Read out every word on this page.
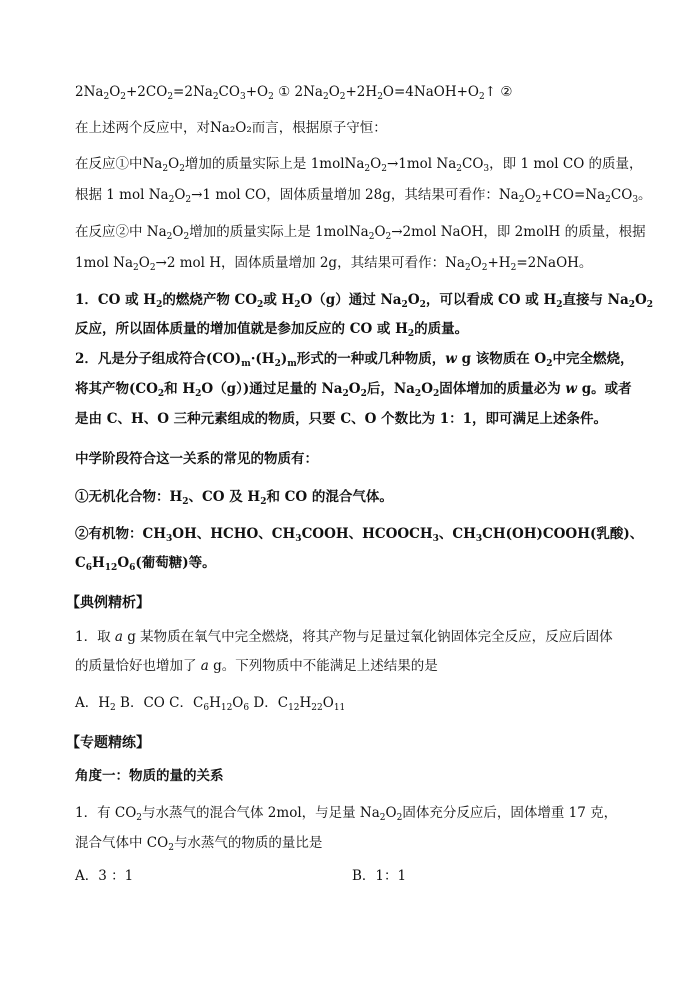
$2Na_2O_2+2CO_2=2Na_2CO_3+O_2$ ① $2Na_2O_2+2H_2O=4NaOH+O_2↑$ ②
在上述两个反应中，对Na₂O₂而言，根据原子守恒：
在反应①中$Na_2O_2$增加的质量实际上是 $1molNa_2O_2\to 1mol$ $Na_2CO_3$，即 1 mol CO 的质量，
根据 1 mol $Na_2O_2\to 1$ mol CO，固体质量增加 28g，其结果可看作：$Na_2O_2+CO=Na_2CO_3$。
在反应②中 $Na_2O_2$增加的质量实际上是 $1molNa_2O_2\to 2mol$ NaOH，即 2molH 的质量，根据
1mol $Na_2O_2\to 2$ mol H，固体质量增加 2g，其结果可看作：$Na_2O_2+H_2=2NaOH$。
1．CO 或 $H_2$的燃烧产物 $CO_2$或 $H_2O(g)$通过 $Na_2O_2$，可以看成 CO 或 $H_2$直接与 $Na_2O_2$
反应，所以固体质量的增加值就是参加反应的 CO 或 $H_2$的质量。
2．凡是分子组成符合$(CO)_m\cdot(H_2)_m$形式的一种或几种物质，w g 该物质在 $O_2$中完全燃烧，
将其产物($CO_2$和 $H_2O(g)$)通过足量的 $Na_2O_2$后，$Na_2O_2$固体增加的质量必为 w g。或者
是由 C、H、O 三种元素组成的物质，只要 C、O 个数比为 1：1，即可满足上述条件。
中学阶段符合这一关系的常见的物质有：
①无机化合物：$H_2$、CO 及 $H_2$和 CO 的混合气体。
②有机物：$CH_3OH$、HCHO、$CH_3COOH$、$HCOOCH_3$、$CH_3CH(OH)COOH$(乳酸)、
$C_6H_{12}O_6$(葡萄糖)等。
【典例精析】
1．取 a g 某物质在氧气中完全燃烧，将其产物与足量过氧化钠固体完全反应，反应后固体
的质量恰好也增加了 a g。下列物质中不能满足上述结果的是
A．$H_2$ B．CO C．$C_6H_{12}O_6$ D．$C_{12}H_{22}O_{11}$
【专题精练】
角度一：物质的量的关系
1．有 $CO_2$与水蒸气的混合气体 2mol，与足量 $Na_2O_2$固体充分反应后，固体增重 17 克，
混合气体中 $CO_2$与水蒸气的物质的量比是
A．3 ：1	B．1：1
